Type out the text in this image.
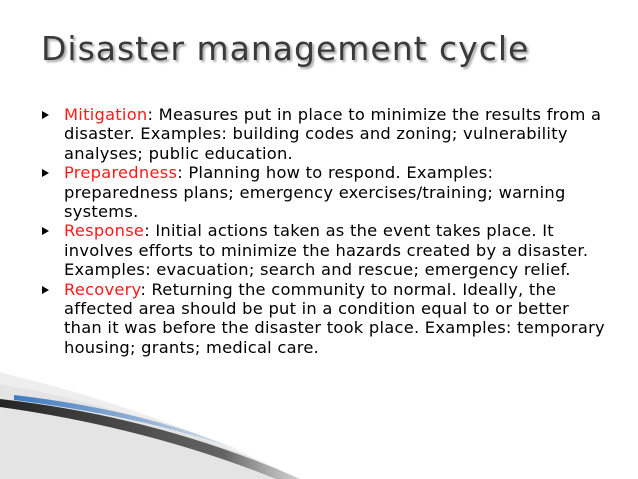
Disaster management cycle
Mitigation: Measures put in place to minimize the results from a disaster. Examples: building codes and zoning; vulnerability analyses; public education.
Preparedness: Planning how to respond. Examples: preparedness plans; emergency exercises/training; warning systems.
Response: Initial actions taken as the event takes place. It involves efforts to minimize the hazards created by a disaster. Examples: evacuation; search and rescue; emergency relief.
Recovery: Returning the community to normal. Ideally, the affected area should be put in a condition equal to or better than it was before the disaster took place. Examples: temporary housing; grants; medical care.
